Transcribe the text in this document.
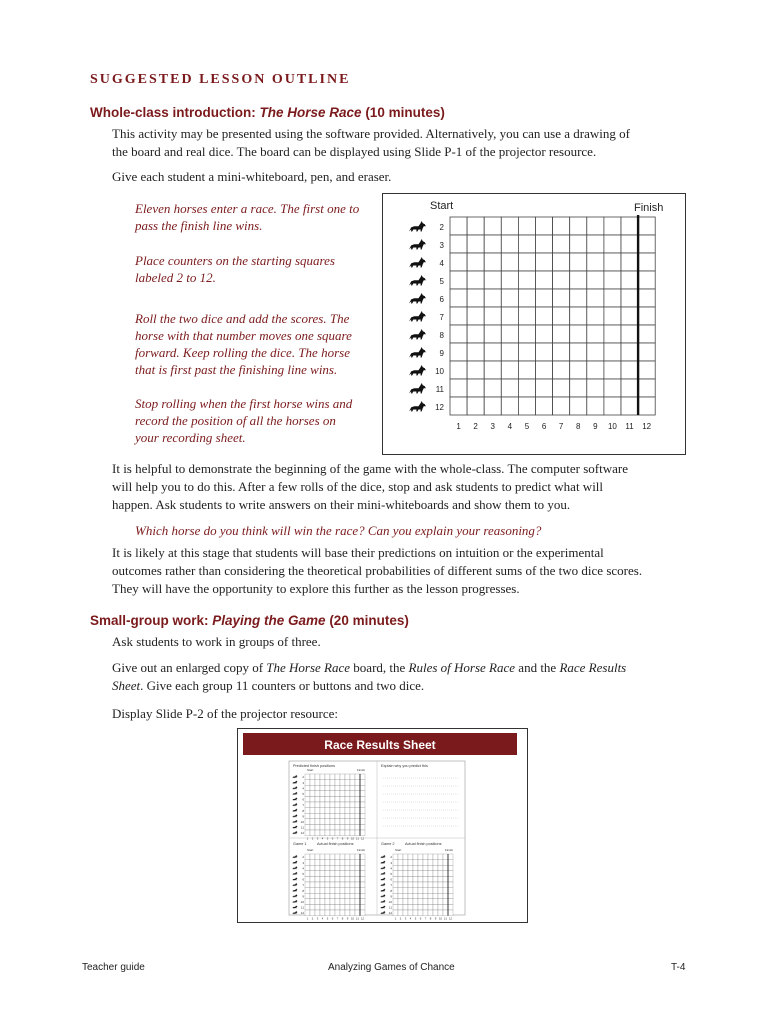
SUGGESTED LESSON OUTLINE
Whole-class introduction: The Horse Race (10 minutes)
This activity may be presented using the software provided. Alternatively, you can use a drawing of
the board and real dice. The board can be displayed using Slide P-1 of the projector resource.
Give each student a mini-whiteboard, pen, and eraser.
Eleven horses enter a race. The first one to
pass the finish line wins.
Place counters on the starting squares
labeled 2 to 12.
Roll the two dice and add the scores. The
horse with that number moves one square
forward. Keep rolling the dice. The horse
that is first past the finishing line wins.
Stop rolling when the first horse wins and
record the position of all the horses on
your recording sheet.
Start	Finish
2
3
4
5
6
7
8
9
10
11
12
1 2 3 4 5 6 7 8 9 10 11 12
It is helpful to demonstrate the beginning of the game with the whole-class. The computer software
will help you to do this. After a few rolls of the dice, stop and ask students to predict what will
happen. Ask students to write answers on their mini-whiteboards and show them to you.
Which horse do you think will win the race? Can you explain your reasoning?
It is likely at this stage that students will base their predictions on intuition or the experimental
outcomes rather than considering the theoretical probabilities of different sums of the two dice scores.
They will have the opportunity to explore this further as the lesson progresses.
Small-group work: Playing the Game (20 minutes)
Ask students to work in groups of three.
Give out an enlarged copy of The Horse Race board, the Rules of Horse Race and the Race Results
Sheet. Give each group 11 counters or buttons and two dice.
Display Slide P-2 of the projector resource:
Race Results Sheet
Predicted finish positions	Explain why you predict this
Game 1	Actual finish positions	Game 2	Actual finish positions
Start	Finish
2
3
4
5
6
7
8
9
10
11
12
1 2 3 4 5 6 7 8 9 10 11 12
Start	Finish
2
3
4
5
6
7
8
9
10
11
12
1 2 3 4 5 6 7 8 9 10 11 12
Start	Finish
2
3
4
5
6
7
8
9
10
11
12
1 2 3 4 5 6 7 8 9 10 11 12
Teacher guide	Analyzing Games of Chance	T-4
